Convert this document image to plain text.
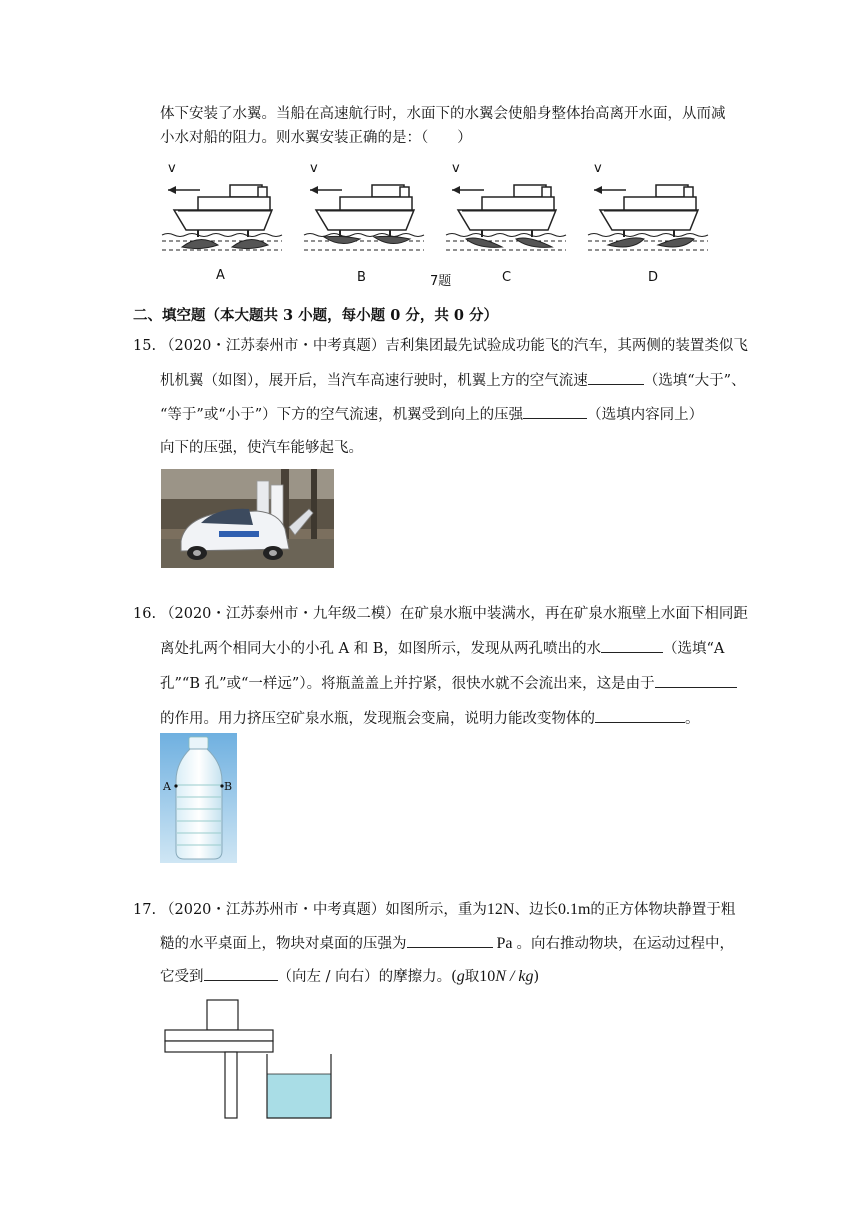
体下安装了水翼。当船在高速航行时，水面下的水翼会使船身整体抬高离开水面，从而减
小水对船的阻力。则水翼安装正确的是：（　　）
v	v	v	v
A	B	7题	C	D
二、填空题（本大题共 3 小题，每小题 0 分，共 0 分）
15. （2020・江苏泰州市・中考真题）吉利集团最先试验成功能飞的汽车，其两侧的装置类似飞
机机翼（如图），展开后，当汽车高速行驶时，机翼上方的空气流速	（选填“大于”、
“等于”或“小于”）下方的空气流速，机翼受到向上的压强	（选填内容同上）
向下的压强，使汽车能够起飞。
16. （2020・江苏泰州市・九年级二模）在矿泉水瓶中装满水，再在矿泉水瓶壁上水面下相同距
离处扎两个相同大小的小孔 A 和 B，如图所示，发现从两孔喷出的水	（选填“A
孔”“B 孔”或“一样远”）。将瓶盖盖上并拧紧，很快水就不会流出来，这是由于
的作用。用力挤压空矿泉水瓶，发现瓶会变扁，说明力能改变物体的	。
A	B
17. （2020・江苏苏州市・中考真题）如图所示，重为12N、边长0.1m的正方体物块静置于粗
糙的水平桌面上，物块对桌面的压强为	Pa 。向右推动物块，在运动过程中，
它受到	（向左 / 向右）的摩擦力。(g取10N / kg)
